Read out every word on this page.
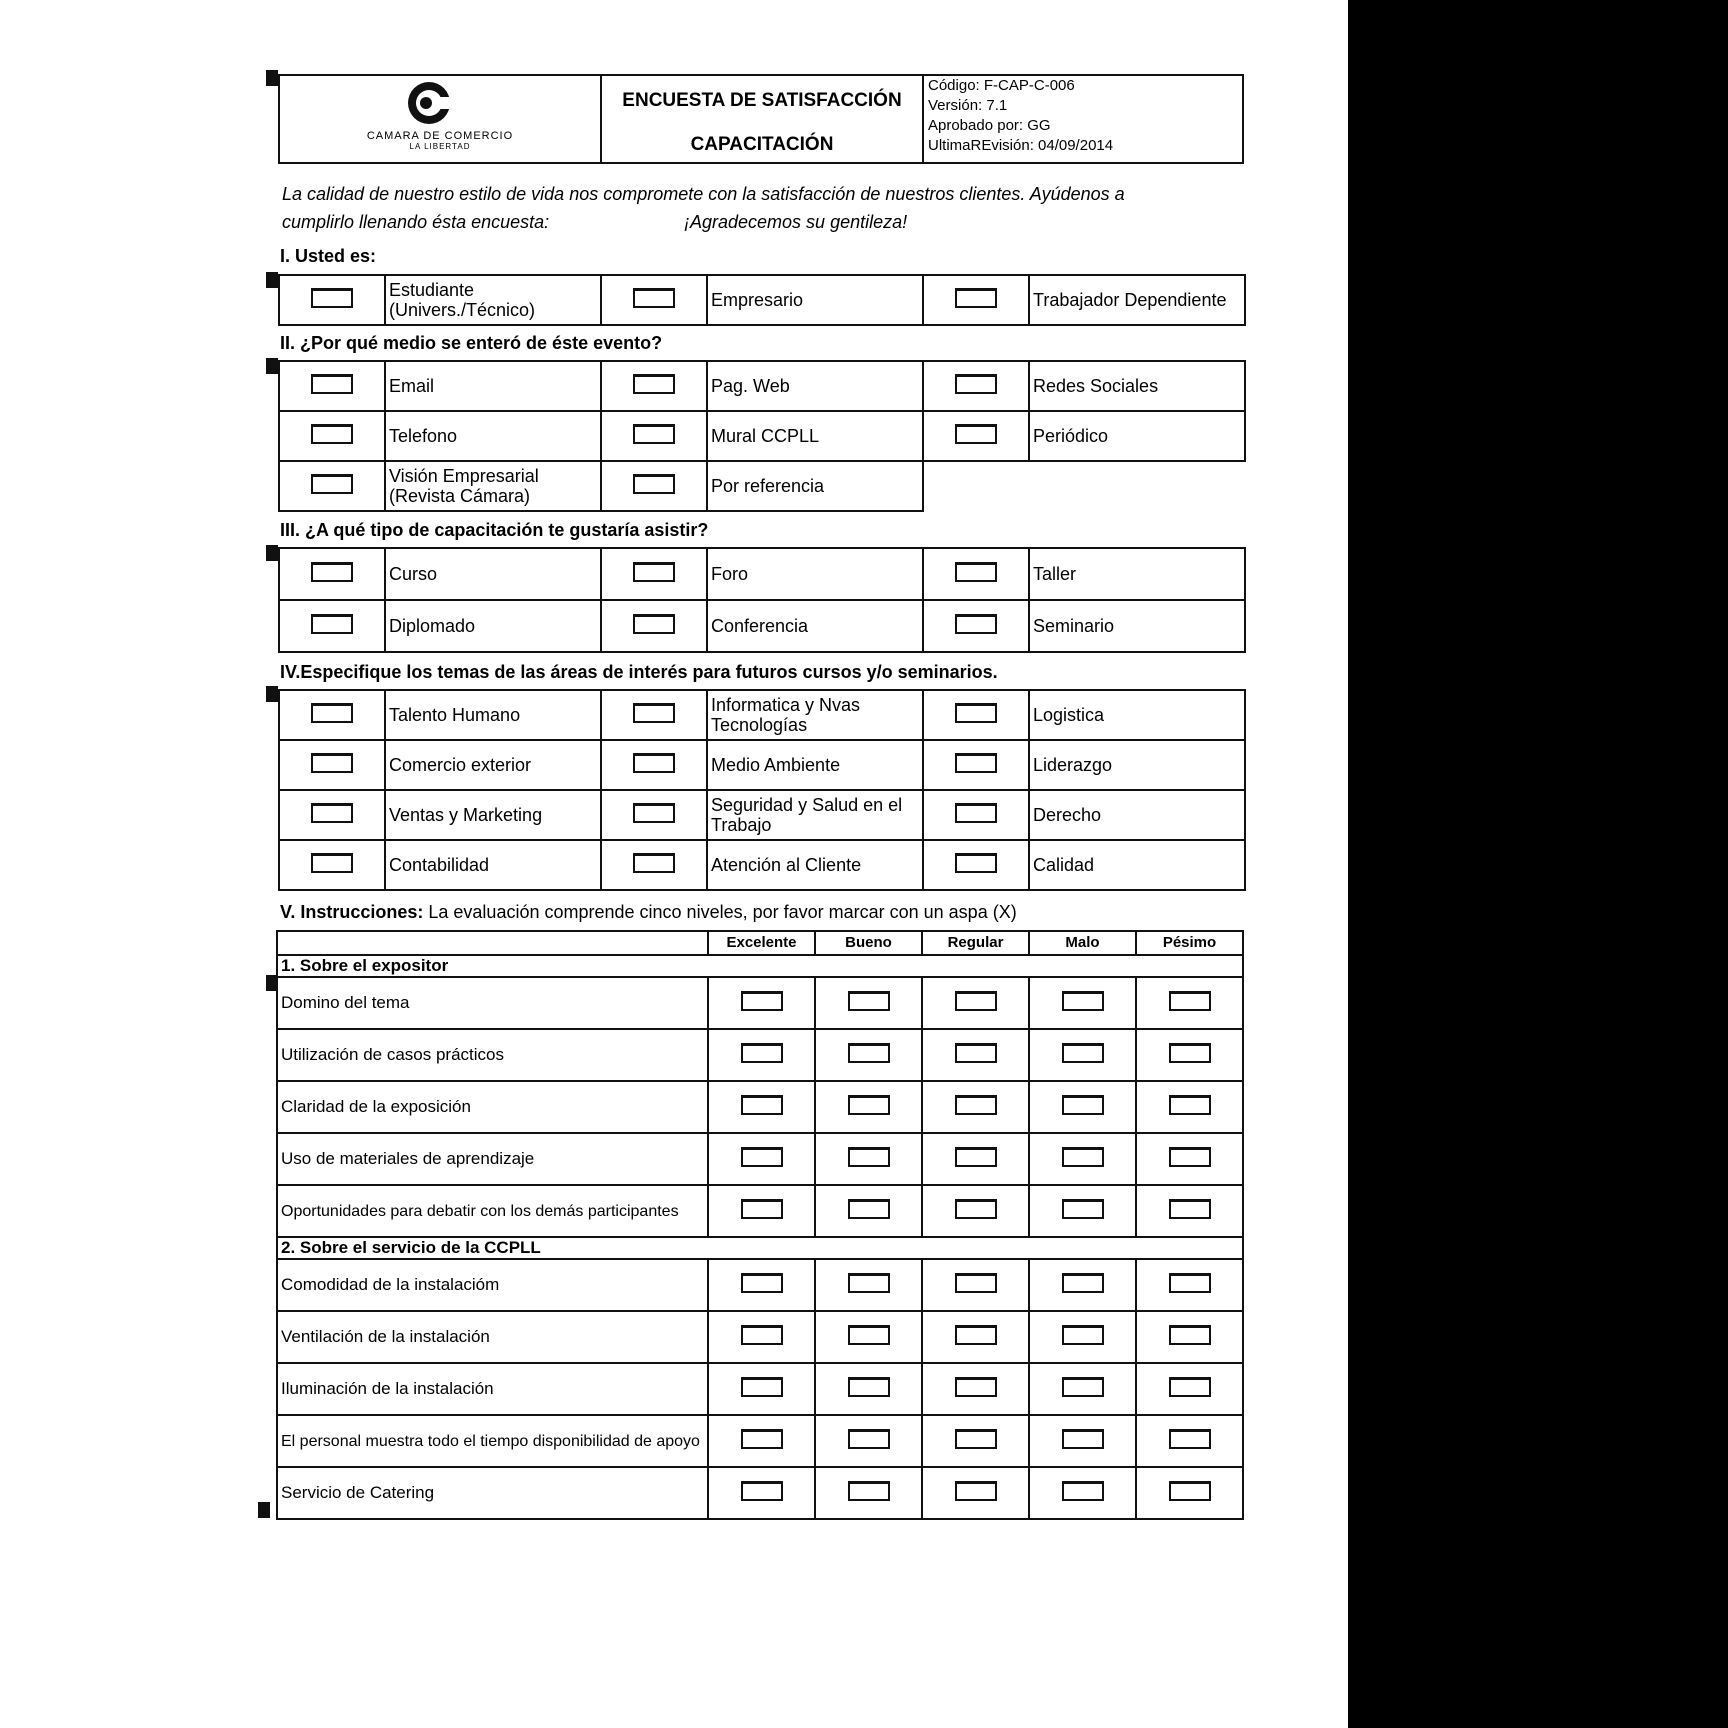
CAMARA DE COMERCIO
LA LIBERTAD
ENCUESTA DE SATISFACCIÓN
CAPACITACIÓN
Código: F-CAP-C-006
Versión: 7.1
Aprobado por: GG
UltimaREvisión: 04/09/2014
La calidad de nuestro estilo de vida nos compromete con la satisfacción de nuestros clientes. Ayúdenos a
cumplirlo llenando ésta encuesta:	¡Agradecemos su gentileza!
I. Usted es:
	Estudiante (Univers./Técnico)		Empresario		Trabajador Dependiente
II. ¿Por qué medio se enteró de éste evento?
	Email		Pag. Web		Redes Sociales
	Telefono		Mural CCPLL		Periódico
	Visión Empresarial (Revista Cámara)		Por referencia		
III. ¿A qué tipo de capacitación te gustaría asistir?
	Curso		Foro		Taller
	Diplomado		Conferencia		Seminario
IV.Especifique los temas de las áreas de interés para futuros cursos y/o seminarios.
	Talento Humano		Informatica y Nvas Tecnologías		Logistica
	Comercio exterior		Medio Ambiente		Liderazgo
	Ventas y Marketing		Seguridad y Salud en el Trabajo		Derecho
	Contabilidad		Atención al Cliente		Calidad
V. Instrucciones: La evaluación comprende cinco niveles, por favor marcar con un aspa (X)
	Excelente	Bueno	Regular	Malo	Pésimo
1. Sobre el expositor					
Domino del tema					
Utilización de casos prácticos					
Claridad de la exposición					
Uso de materiales de aprendizaje					
Oportunidades para debatir con los demás participantes					
2. Sobre el servicio de la CCPLL					
Comodidad de la instalacióm					
Ventilación de la instalación					
Iluminación de la instalación					
El personal muestra todo el tiempo disponibilidad de apoyo					
Servicio de Catering					
